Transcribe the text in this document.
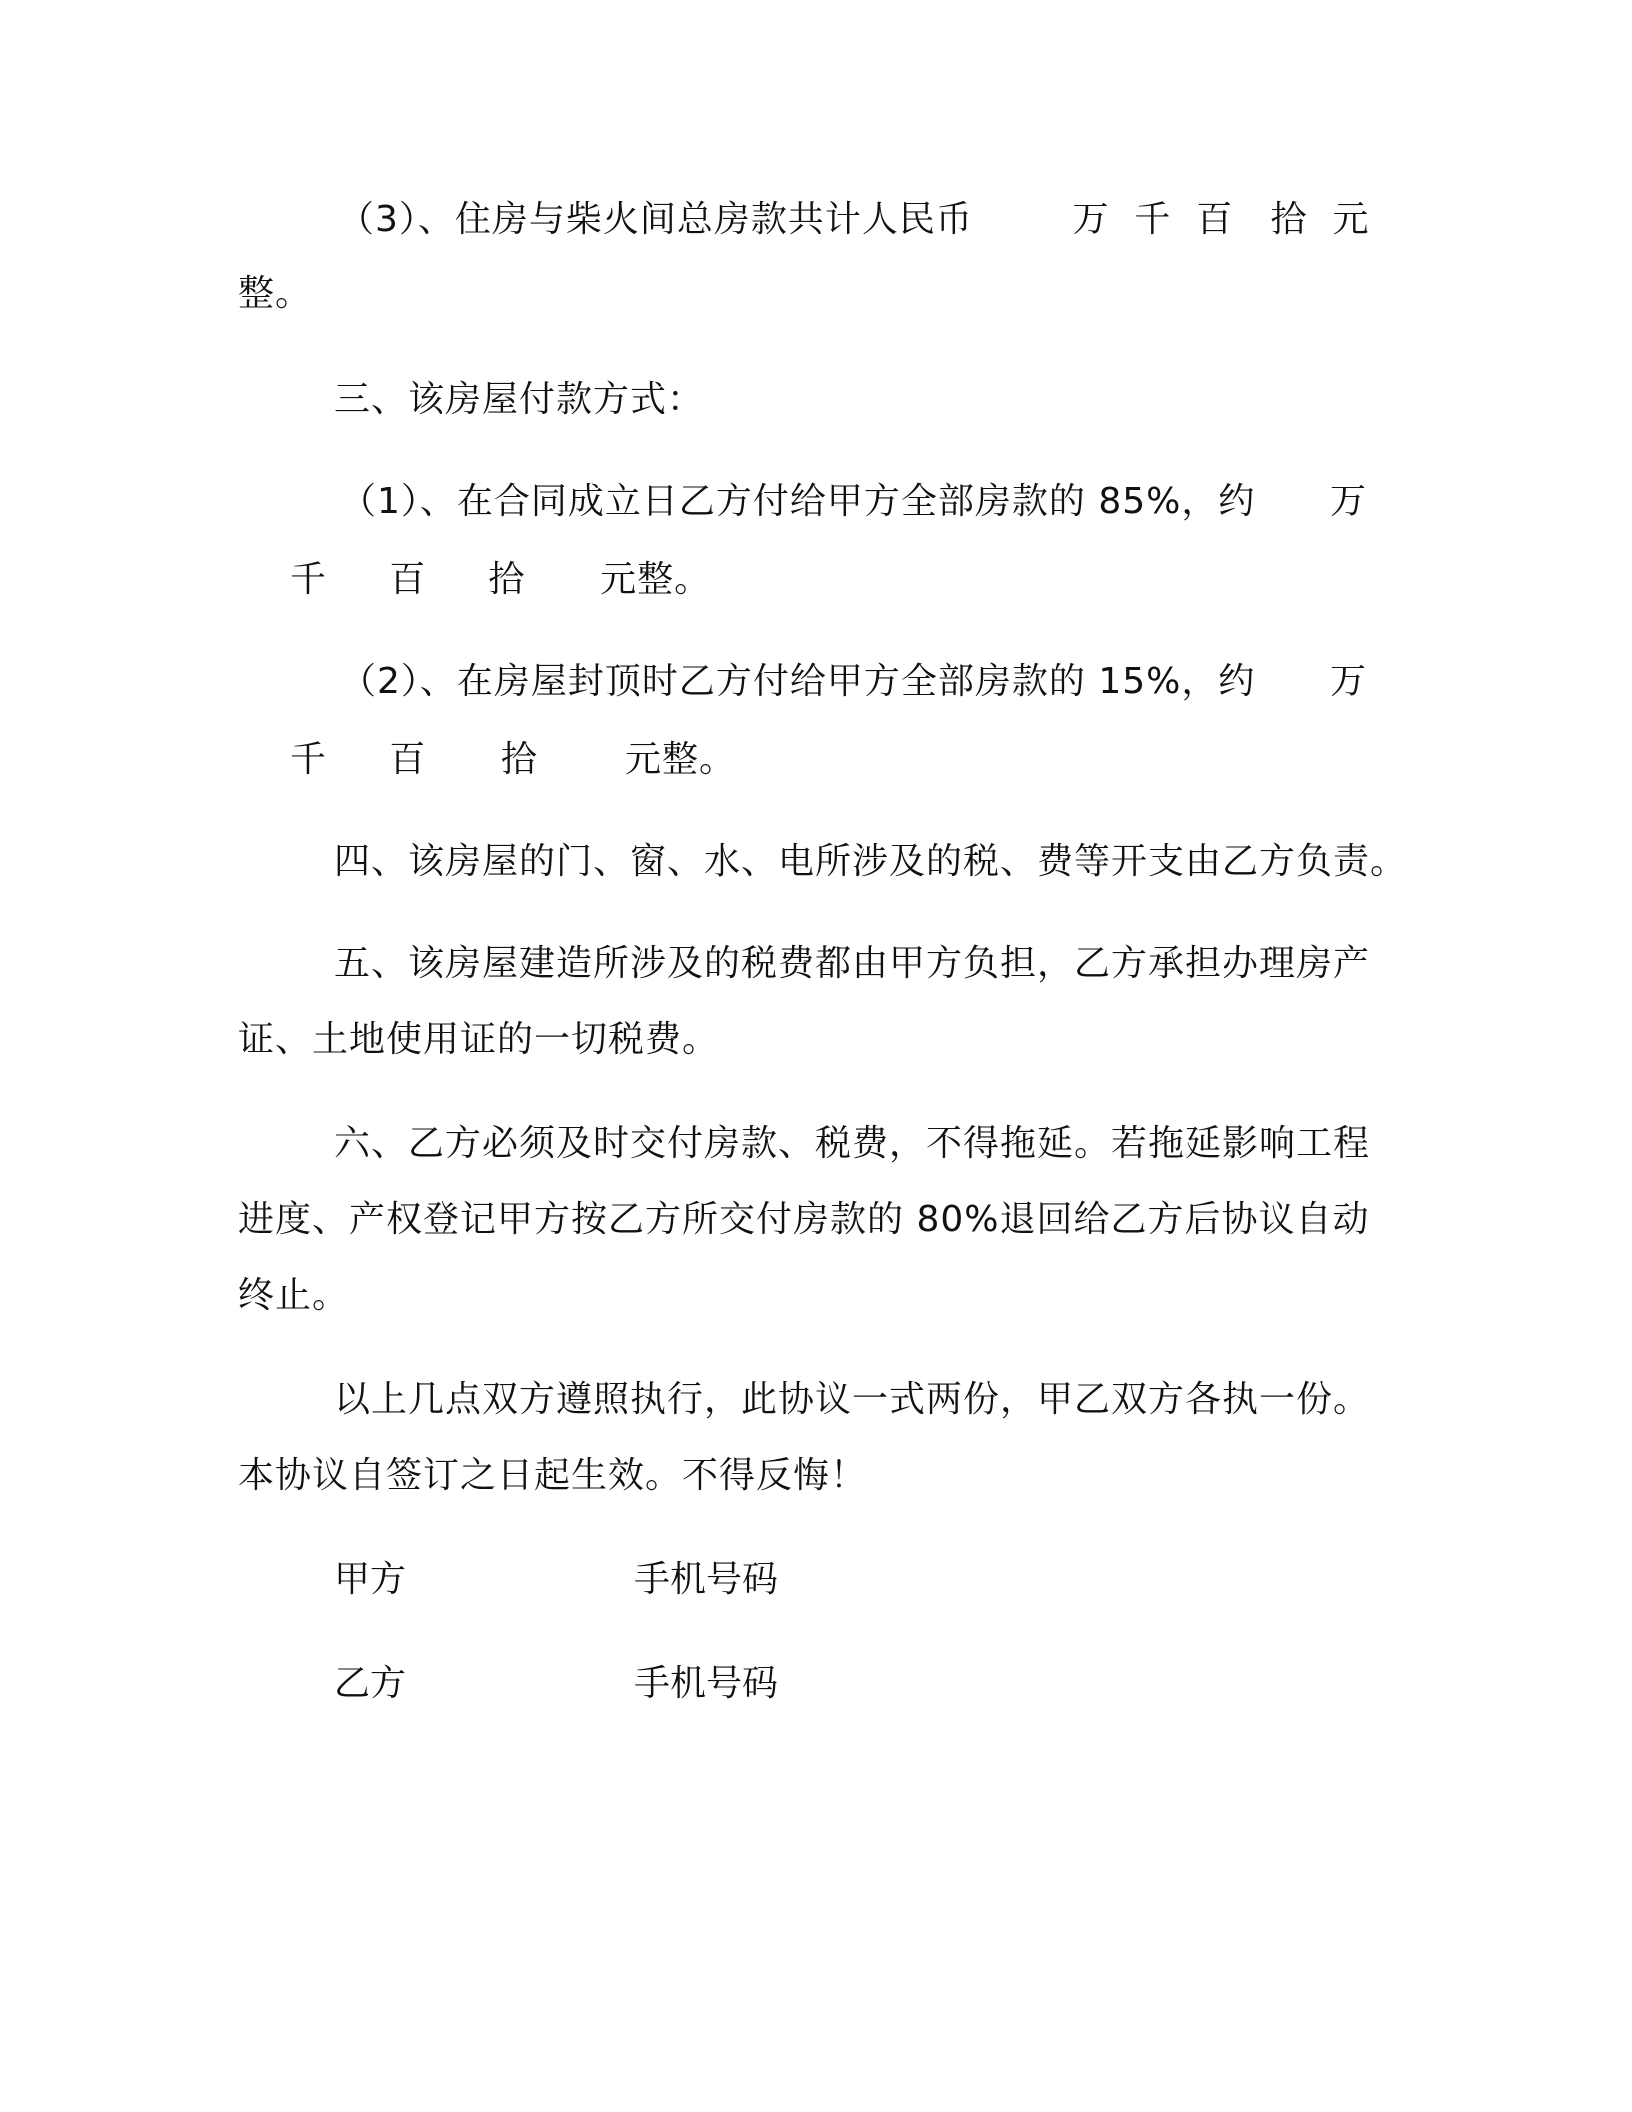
（3）、住房与柴火间总房款共计人民币        万  千  百   拾  元
整。
三、该房屋付款方式：
（1）、在合同成立日乙方付给甲方全部房款的 85%，约      万
千     百     拾      元整。
（2）、在房屋封顶时乙方付给甲方全部房款的 15%，约      万
千     百      拾       元整。
四、该房屋的门、窗、水、电所涉及的税、费等开支由乙方负责。
五、该房屋建造所涉及的税费都由甲方负担，乙方承担办理房产
证、土地使用证的一切税费。
六、乙方必须及时交付房款、税费，不得拖延。若拖延影响工程
进度、产权登记甲方按乙方所交付房款的 80%退回给乙方后协议自动
终止。
以上几点双方遵照执行，此协议一式两份，甲乙双方各执一份。
本协议自签订之日起生效。不得反悔！

甲方

	手机号码

乙方

	手机号码
